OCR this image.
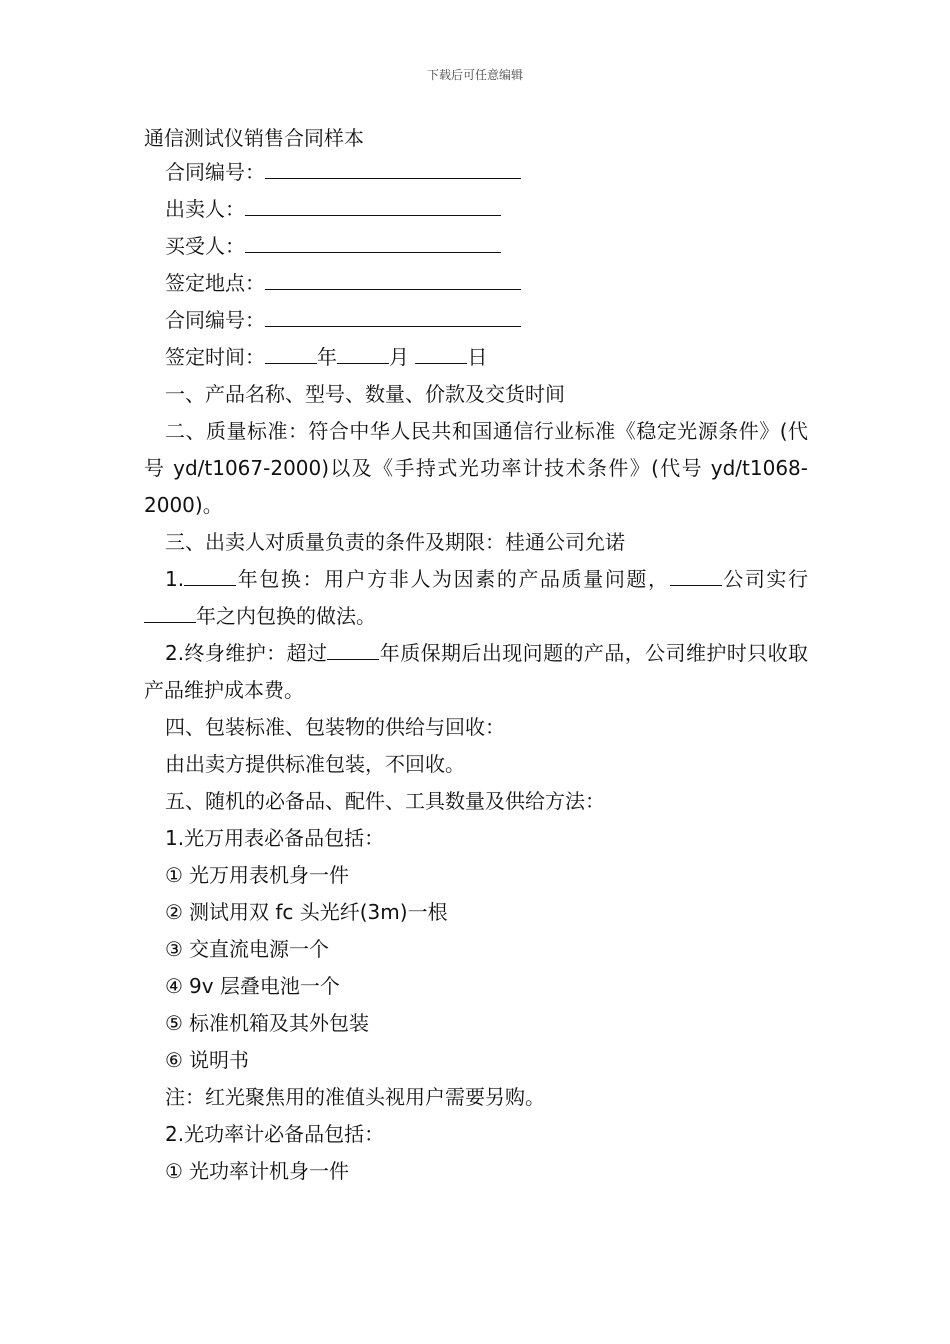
下载后可任意编辑
通信测试仪销售合同样本
合同编号：
出卖人：
买受人：
签定地点：
合同编号：
签定时间：	年	月	日
一、产品名称、型号、数量、价款及交货时间
二、质量标准：符合中华人民共和国通信行业标准《稳定光源条件》(代号 yd/t1067-2000)以及《手持式光功率计技术条件》(代号 yd/t1068-2000)。
三、出卖人对质量负责的条件及期限：桂通公司允诺
1.	年包换：用户方非人为因素的产品质量问题，	公司实行年之内包换的做法。
2.终身维护：超过	年质保期后出现问题的产品，公司维护时只收取产品维护成本费。
四、包装标准、包装物的供给与回收：
由出卖方提供标准包装，不回收。
五、随机的必备品、配件、工具数量及供给方法：
1.光万用表必备品包括：
① 光万用表机身一件
② 测试用双 fc 头光纤(3m)一根
③ 交直流电源一个
④ 9v 层叠电池一个
⑤ 标准机箱及其外包装
⑥ 说明书
注：红光聚焦用的准值头视用户需要另购。
2.光功率计必备品包括：
① 光功率计机身一件
